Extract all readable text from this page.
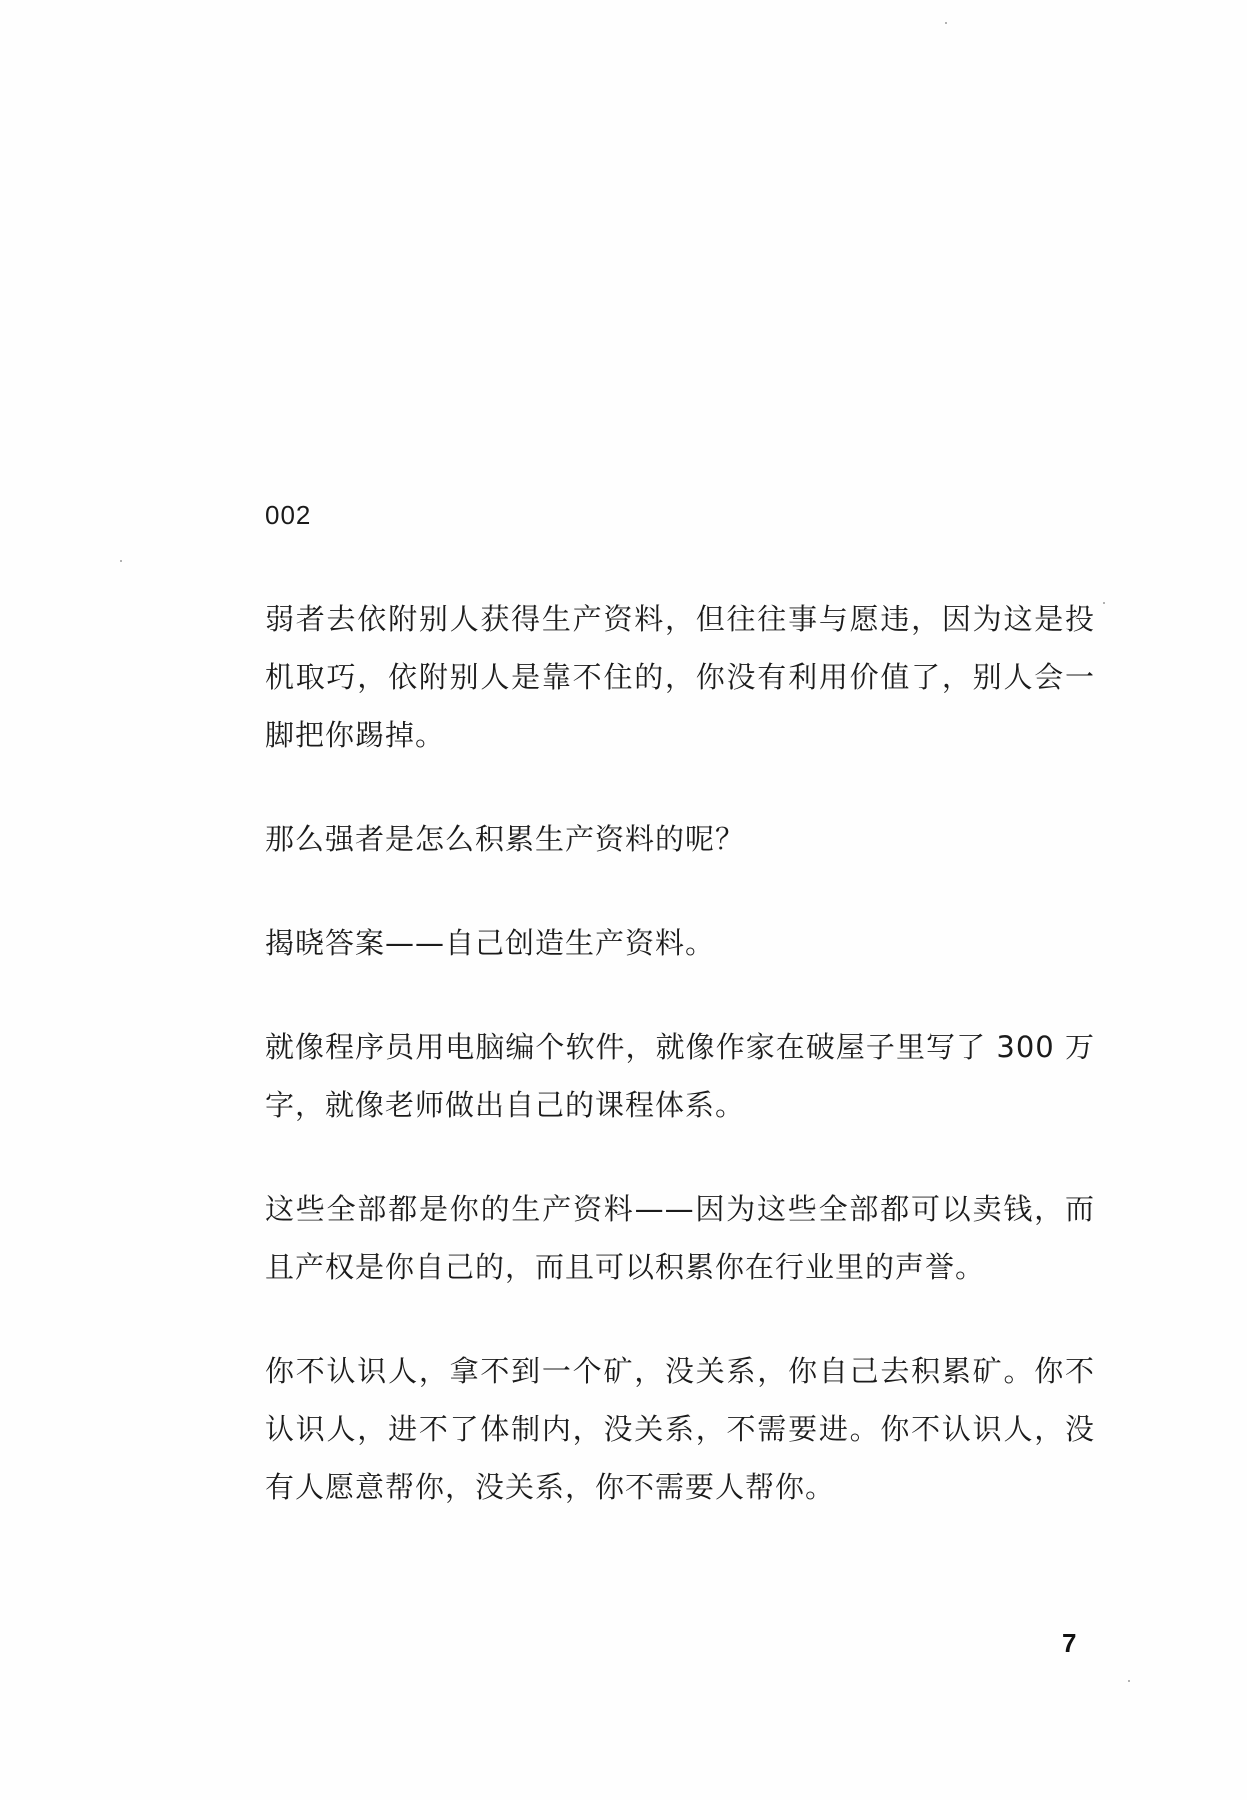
002

弱者去依附别人获得生产资料，但往往事与愿违，因为这是投机取巧，依附别人是靠不住的，你没有利用价值了，别人会一脚把你踢掉。

那么强者是怎么积累生产资料的呢？

揭晓答案——自己创造生产资料。

就像程序员用电脑编个软件，就像作家在破屋子里写了 300 万字，就像老师做出自己的课程体系。

这些全部都是你的生产资料——因为这些全部都可以卖钱，而且产权是你自己的，而且可以积累你在行业里的声誉。

你不认识人，拿不到一个矿，没关系，你自己去积累矿。你不认识人，进不了体制内，没关系，不需要进。你不认识人，没有人愿意帮你，没关系，你不需要人帮你。

7
